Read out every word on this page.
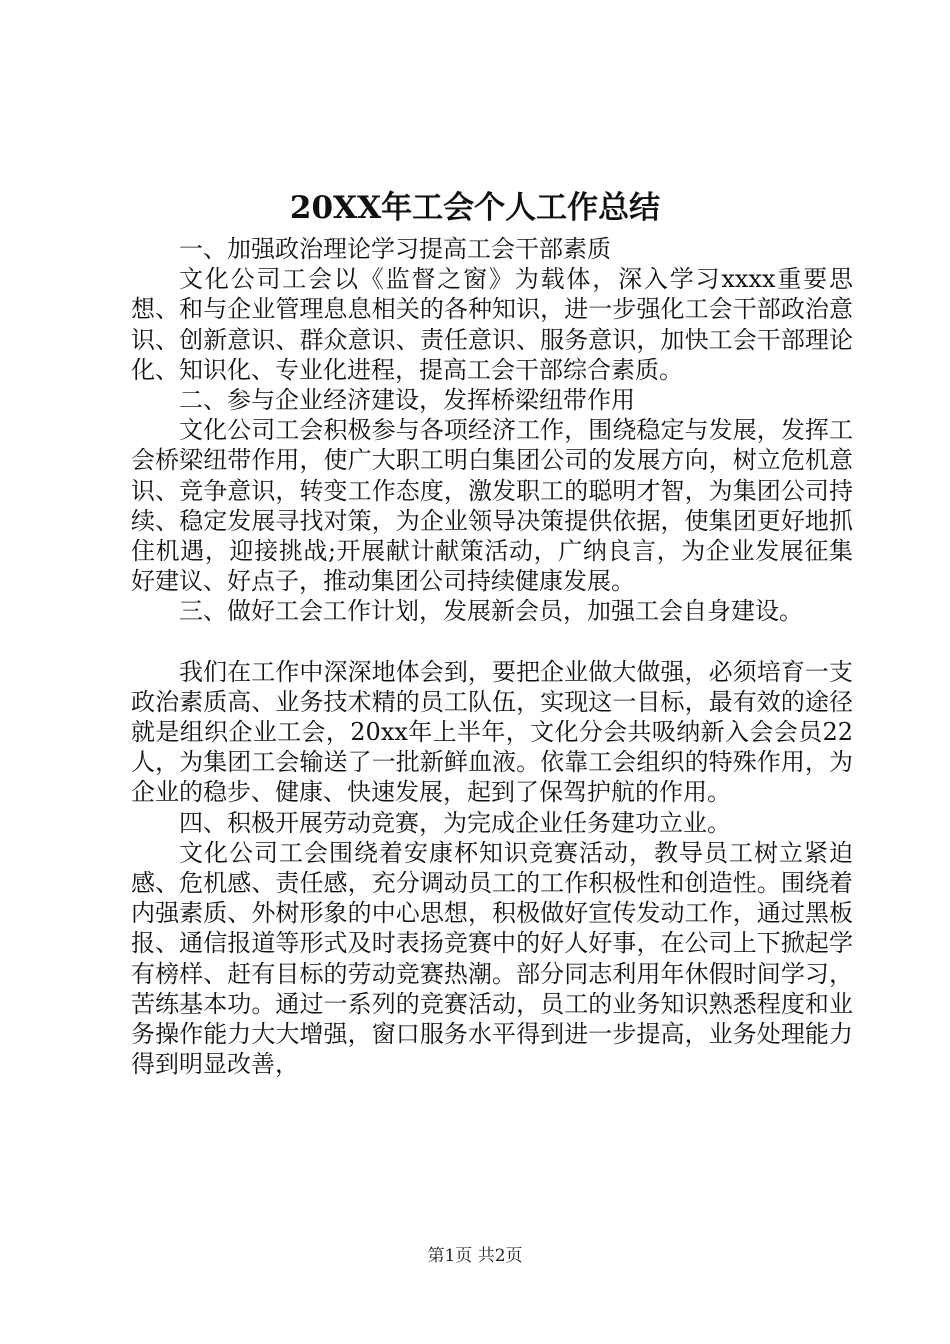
20XX年工会个人工作总结

一、加强政治理论学习提高工会干部素质

文化公司工会以《监督之窗》为载体，深入学习xxxx重要思想、和与企业管理息息相关的各种知识，进一步强化工会干部政治意识、创新意识、群众意识、责任意识、服务意识，加快工会干部理论化、知识化、专业化进程，提高工会干部综合素质。

二、参与企业经济建设，发挥桥梁纽带作用

文化公司工会积极参与各项经济工作，围绕稳定与发展，发挥工会桥梁纽带作用，使广大职工明白集团公司的发展方向，树立危机意识、竞争意识，转变工作态度，激发职工的聪明才智，为集团公司持续、稳定发展寻找对策，为企业领导决策提供依据，使集团更好地抓住机遇，迎接挑战;开展献计献策活动，广纳良言，为企业发展征集好建议、好点子，推动集团公司持续健康发展。

三、做好工会工作计划，发展新会员，加强工会自身建设。

我们在工作中深深地体会到，要把企业做大做强，必须培育一支政治素质高、业务技术精的员工队伍，实现这一目标，最有效的途径就是组织企业工会，20xx年上半年，文化分会共吸纳新入会会员22人，为集团工会输送了一批新鲜血液。依靠工会组织的特殊作用，为企业的稳步、健康、快速发展，起到了保驾护航的作用。

四、积极开展劳动竞赛，为完成企业任务建功立业。

文化公司工会围绕着安康杯知识竞赛活动，教导员工树立紧迫感、危机感、责任感，充分调动员工的工作积极性和创造性。围绕着内强素质、外树形象的中心思想，积极做好宣传发动工作，通过黑板报、通信报道等形式及时表扬竞赛中的好人好事，在公司上下掀起学有榜样、赶有目标的劳动竞赛热潮。部分同志利用年休假时间学习，苦练基本功。通过一系列的竞赛活动，员工的业务知识熟悉程度和业务操作能力大大增强，窗口服务水平得到进一步提高，业务处理能力得到明显改善，

第1页 共2页
